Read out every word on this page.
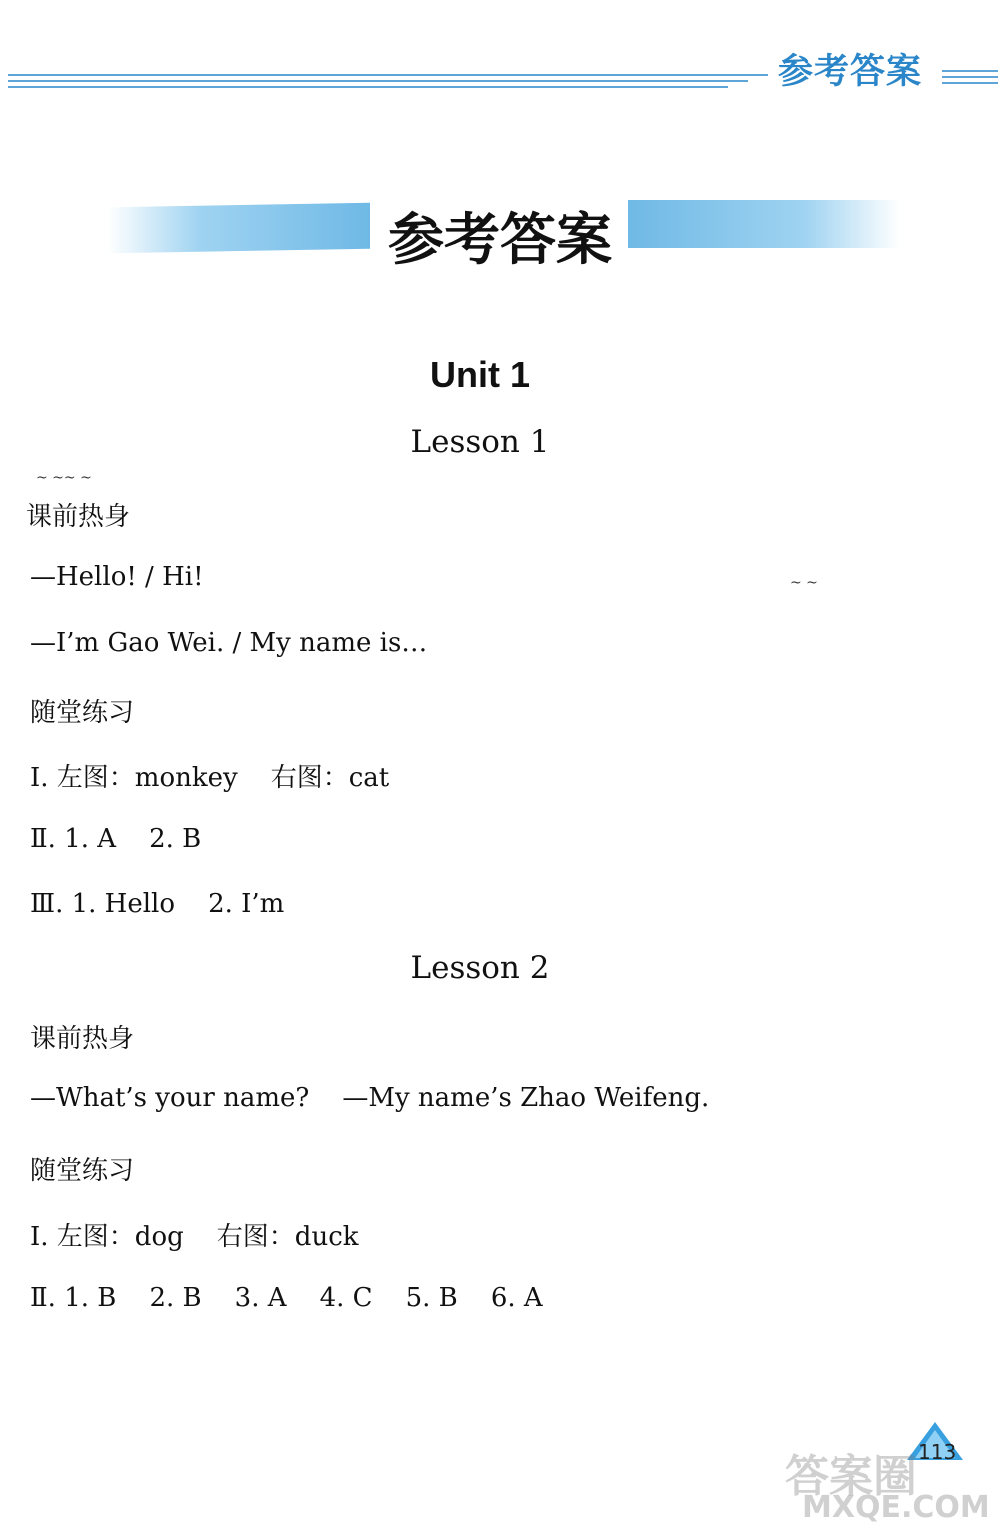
参考答案
参考答案
Unit 1
Lesson 1
~ ~~ ~
课前热身
—Hello! / Hi!	~ ~
—I’m Gao Wei. / My name is…
随堂练习
Ⅰ. 左图：monkey    右图：cat
Ⅱ. 1. A    2. B
Ⅲ. 1. Hello    2. I’m
Lesson 2
课前热身
—What’s your name?    —My name’s Zhao Weifeng.
随堂练习
Ⅰ. 左图：dog    右图：duck
Ⅱ. 1. B    2. B    3. A    4. C    5. B    6. A
答案圈
MXQE.COM
113
